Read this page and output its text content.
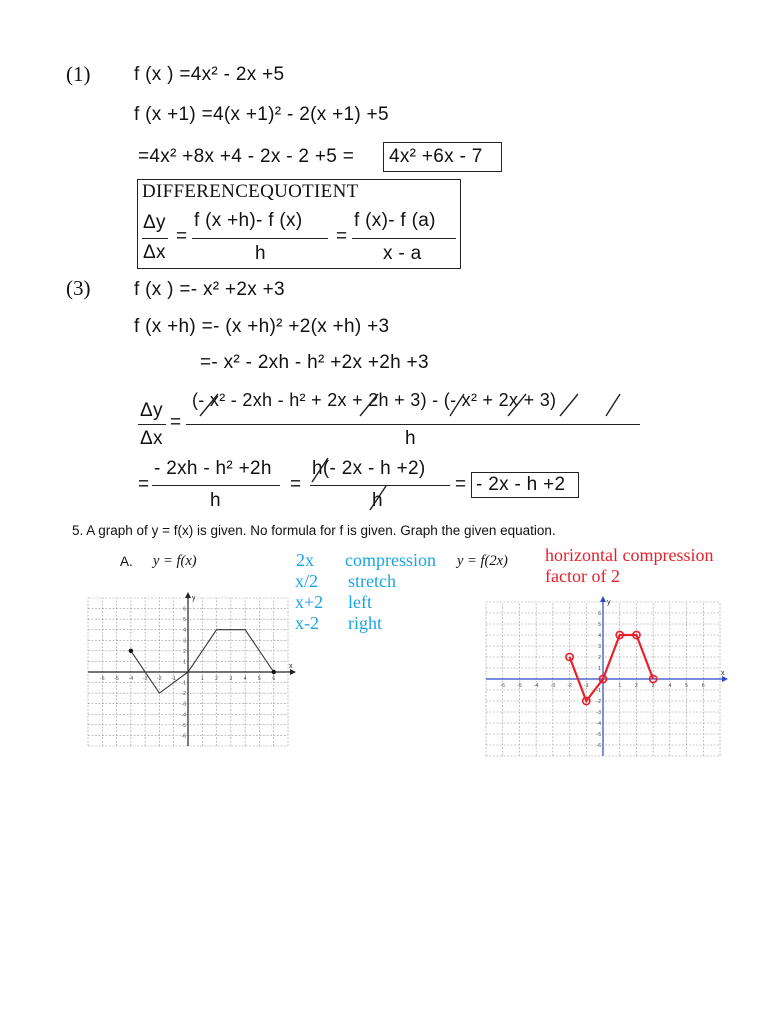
(1) f (x ) =4x² - 2x +5
f (x +1) =4(x +1)² - 2(x +1) +5
=4x² +8x +4 - 2x - 2 +5 = 4x² +6x - 7
DIFFERENCEQUOTIENT
Δy
Δx
=
f (x +h)- f (x)
h
=
f (x)- f (a)
x - a
(3) f (x ) =- x² +2x +3
f (x +h) =- (x +h)² +2(x +h) +3
=- x² - 2xh - h² +2x +2h +3
Δy
Δx
=
(- x² - 2xh - h² + 2x + 2h + 3) - (- x² + 2x + 3)
h
=
- 2xh - h² +2h
h
=
h(- 2x - h +2)
h
= - 2x - h +2
5. A graph of y = f(x) is given. No formula for f is given. Graph the given equation.
A. y = f(x)	2x compression
x/2 stretch
x+2 left
x-2 right
y = f(2x) horizontal compression
factor of 2
x
y
-6 -5 -4 -3 -2 -1	1 2 3 4 5 6
-6
-5
-4
-3
-2
-1
1
2
3
4
5
6
x
y
-6 -5 -4 -3 -2 -1	1	2	3	4	5	6
-6
-5
-4
-3
-2
-1
1
2
3
4
5
6
